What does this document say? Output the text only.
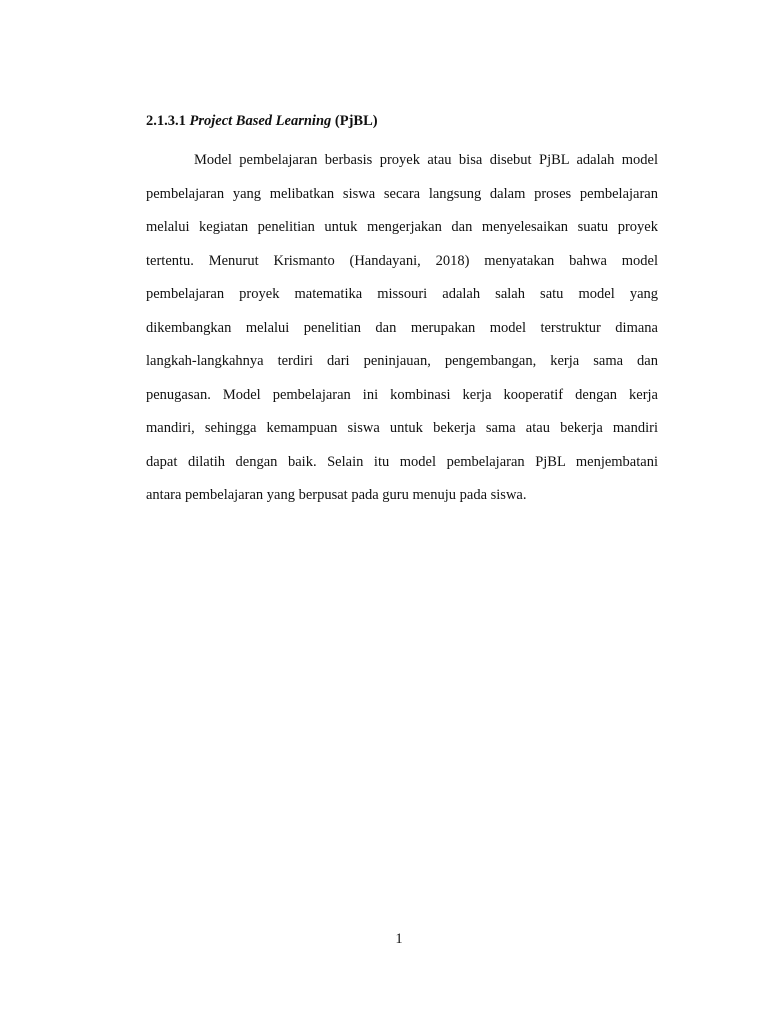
2.1.3.1 Project Based Learning (PjBL)
Model pembelajaran berbasis proyek atau bisa disebut PjBL adalah model
pembelajaran yang melibatkan siswa secara langsung dalam proses pembelajaran
melalui kegiatan penelitian untuk mengerjakan dan menyelesaikan suatu proyek
tertentu. Menurut Krismanto (Handayani, 2018) menyatakan bahwa model
pembelajaran proyek matematika missouri adalah salah satu model yang
dikembangkan melalui penelitian dan merupakan model terstruktur dimana
langkah-langkahnya terdiri dari peninjauan, pengembangan, kerja sama dan
penugasan. Model pembelajaran ini kombinasi kerja kooperatif dengan kerja
mandiri, sehingga kemampuan siswa untuk bekerja sama atau bekerja mandiri
dapat dilatih dengan baik. Selain itu model pembelajaran PjBL menjembatani
antara pembelajaran yang berpusat pada guru menuju pada siswa.
1
